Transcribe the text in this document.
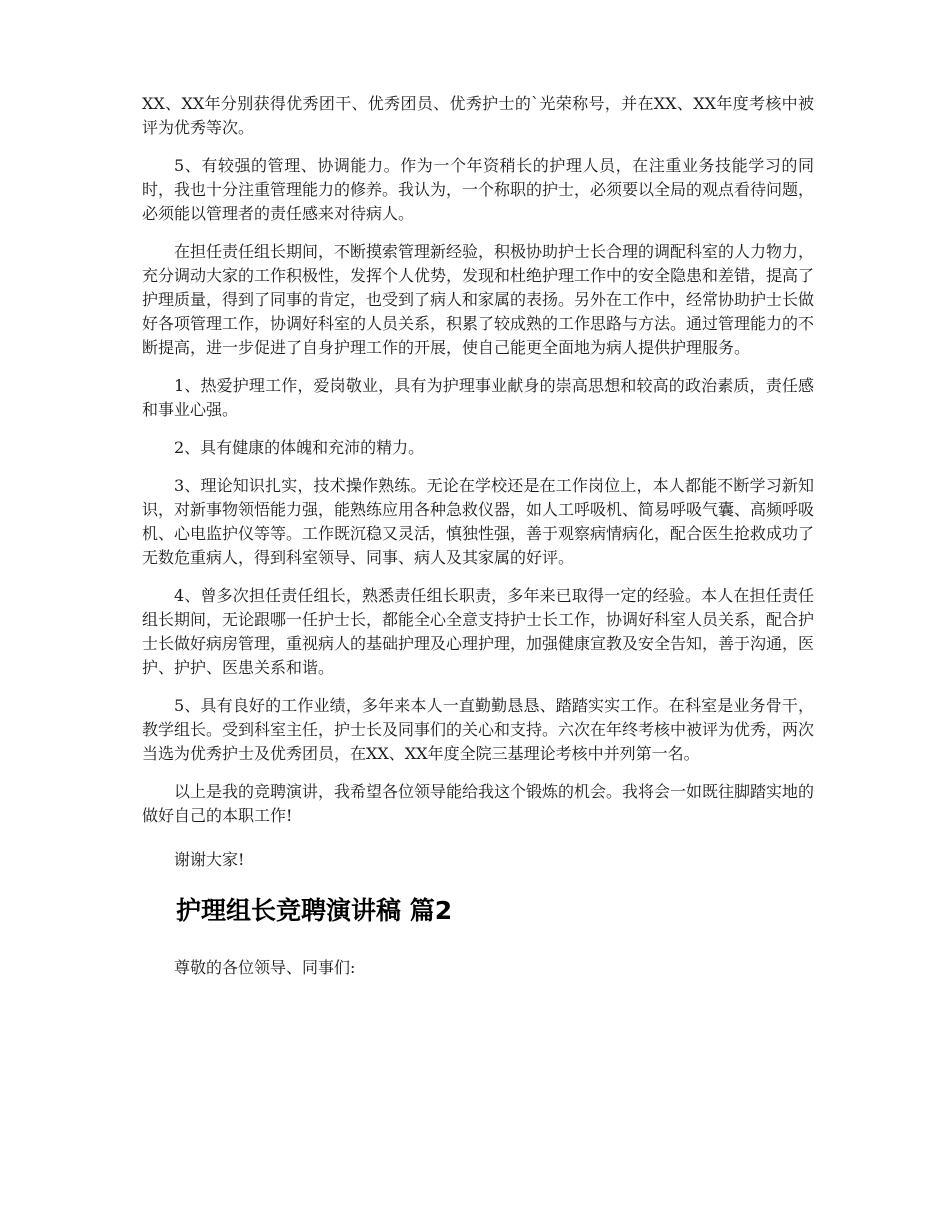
XX、XX年分别获得优秀团干、优秀团员、优秀护士的`光荣称号，并在XX、XX年度考核中被评为优秀等次。

5、有较强的管理、协调能力。作为一个年资稍长的护理人员，在注重业务技能学习的同时，我也十分注重管理能力的修养。我认为，一个称职的护士，必须要以全局的观点看待问题，必须能以管理者的责任感来对待病人。

在担任责任组长期间，不断摸索管理新经验，积极协助护士长合理的调配科室的人力物力，充分调动大家的工作积极性，发挥个人优势，发现和杜绝护理工作中的安全隐患和差错，提高了护理质量，得到了同事的肯定，也受到了病人和家属的表扬。另外在工作中，经常协助护士长做好各项管理工作，协调好科室的人员关系，积累了较成熟的工作思路与方法。通过管理能力的不断提高，进一步促进了自身护理工作的开展，使自己能更全面地为病人提供护理服务。

1、热爱护理工作，爱岗敬业，具有为护理事业献身的崇高思想和较高的政治素质，责任感和事业心强。

2、具有健康的体魄和充沛的精力。

3、理论知识扎实，技术操作熟练。无论在学校还是在工作岗位上，本人都能不断学习新知识，对新事物领悟能力强，能熟练应用各种急救仪器，如人工呼吸机、简易呼吸气囊、高频呼吸机、心电监护仪等等。工作既沉稳又灵活，慎独性强，善于观察病情病化，配合医生抢救成功了无数危重病人，得到科室领导、同事、病人及其家属的好评。

4、曾多次担任责任组长，熟悉责任组长职责，多年来已取得一定的经验。本人在担任责任组长期间，无论跟哪一任护士长，都能全心全意支持护士长工作，协调好科室人员关系，配合护士长做好病房管理，重视病人的基础护理及心理护理，加强健康宣教及安全告知，善于沟通，医护、护护、医患关系和谐。

5、具有良好的工作业绩，多年来本人一直勤勤恳恳、踏踏实实工作。在科室是业务骨干，教学组长。受到科室主任，护士长及同事们的关心和支持。六次在年终考核中被评为优秀，两次当选为优秀护士及优秀团员，在XX、XX年度全院三基理论考核中并列第一名。

以上是我的竞聘演讲，我希望各位领导能给我这个锻炼的机会。我将会一如既往脚踏实地的做好自己的本职工作!

谢谢大家!

护理组长竞聘演讲稿 篇2

尊敬的各位领导、同事们:
